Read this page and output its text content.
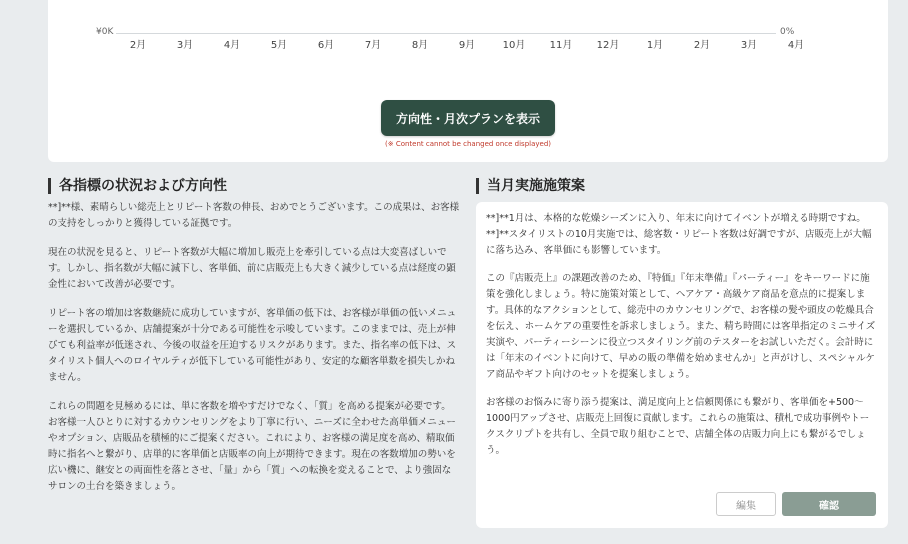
¥0K	0%
2月	3月	4月	5月	6月	7月	8月	9月	10月	11月	12月	1月	2月	3月	4月
方向性・月次プランを表示
(※ Content cannot be changed once displayed)
各指標の状況および方向性

**]**様、素晴らしい総売上とリピート客数の伸長、おめでとうございます。この成果は、お客様の支持をしっかりと獲得している証拠です。

現在の状況を見ると、リピート客数が大幅に増加し販売上を牽引している点は大変喜ばしいです。しかし、指名数が大幅に減下し、客単価、前に店販売上も大きく減少している点は経度の顕金性において改善が必要です。

リピート客の増加は客数継続に成功していますが、客単価の低下は、お客様が単価の低いメニューを選択しているか、店舗提案が十分である可能性を示唆しています。このままでは、売上が伸びても利益率が低迷され、今後の収益を圧迫するリスクがあります。また、指名率の低下は、スタイリスト個人へのロイヤルティが低下している可能性があり、安定的な顧客単数を損失しかねません。

これらの問題を見極めるには、単に客数を増やすだけでなく、「質」を高める提案が必要です。お客様一人ひとりに対するカウンセリングをより丁寧に行い、ニーズに全わせた高単価メニューやオプション、店販品を積極的にご提案ください。これにより、お客様の満足度を高め、精取価時に指名へと繋がり、店単的に客単価と店販率の向上が期待できます。現在の客数増加の勢いを広い機に、継安との両面性を落とさせ、「量」から「質」への転換を変えることで、より強固なサロンの土台を築きましょう。

当月実施施策案

**]**1月は、本格的な乾燥シーズンに入り、年末に向けてイベントが増える時期ですね。**]**スタイリストの10月実施では、総客数・リピート客数は好調ですが、店販売上が大幅に落ち込み、客単価にも影響しています。

この『店販売上』の課題改善のため、『特価』『年末準備』『パーティー』をキーワードに施策を強化しましょう。特に施策対策として、ヘアケア・高級ケア商品を意点的に提案します。具体的なアクションとして、総売中のカウンセリングで、お客様の髪や頭皮の乾燥具合を伝え、ホームケアの重要性を訴求しましょう。また、精ち時間には客単指定のミニサイズ実演や、パーティーシーンに役立つスタイリング前のテスターをお試しいただく。会計時には「年末のイベントに向けて、早めの販の準備を始めませんか」と声がけし、スペシャルケア商品やギフト向けのセットを提案しましょう。

お客様のお悩みに寄り添う提案は、満足度向上と信頼関係にも繋がり、客単価を+500〜1000円アップさせ、店販売上回復に貢献します。これらの施策は、積札で成功事例やトークスクリプトを共有し、全員で取り組むことで、店舗全体の店販力向上にも繋がるでしょう。

編集	確認
